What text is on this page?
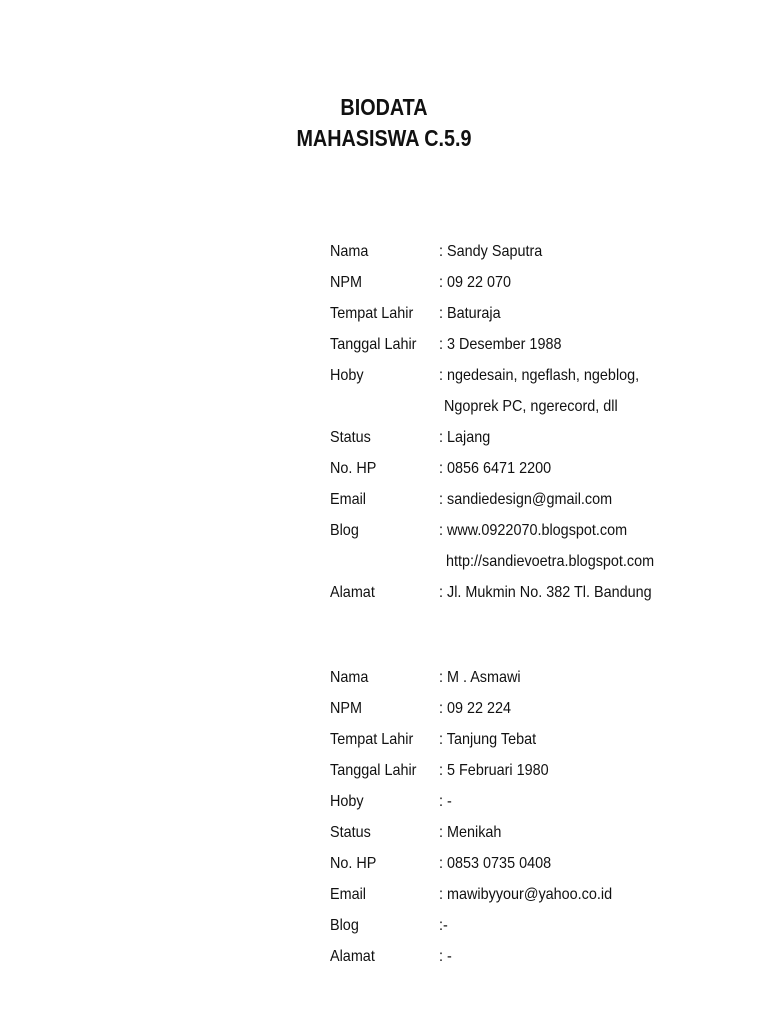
BIODATA
MAHASISWA C.5.9
Nama	: Sandy Saputra
NPM	: 09 22 070
Tempat Lahir : Baturaja
Tanggal Lahir : 3 Desember 1988
Hoby	: ngedesain, ngeflash, ngeblog,
Ngoprek PC, ngerecord, dll
Status	: Lajang
No. HP	: 0856 6471 2200
Email	: sandiedesign@gmail.com
Blog	: www.0922070.blogspot.com
http://sandievoetra.blogspot.com
Alamat	: Jl. Mukmin No. 382 Tl. Bandung
Nama	: M . Asmawi
NPM	: 09 22 224
Tempat Lahir : Tanjung Tebat
Tanggal Lahir : 5 Februari 1980
Hoby	: -
Status	: Menikah
No. HP	: 0853 0735 0408
Email	: mawibyyour@yahoo.co.id
Blog	:-
Alamat	: -
